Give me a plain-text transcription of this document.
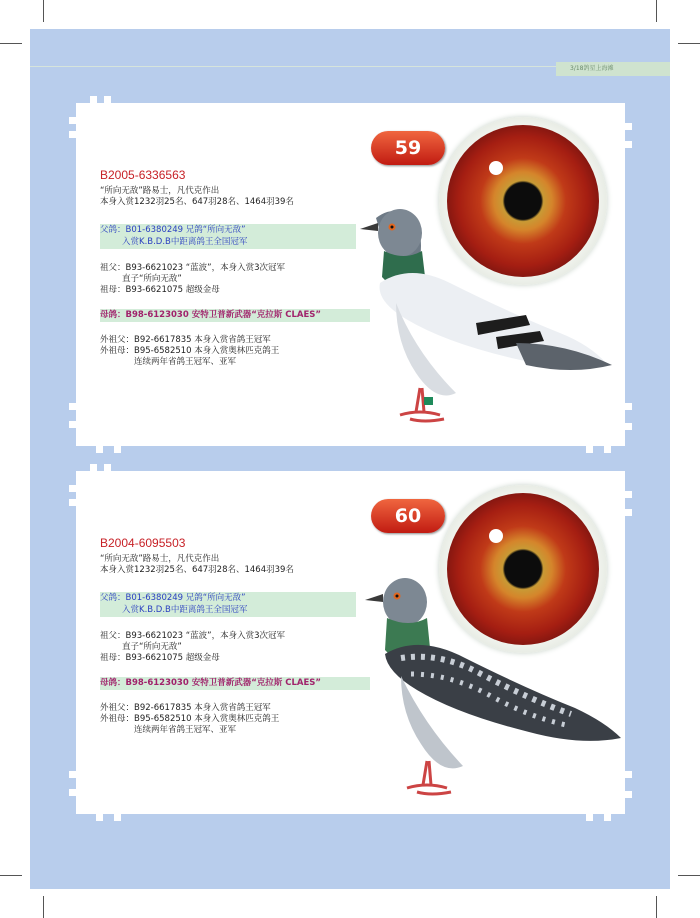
3/18鸽星上海滩
59
B2005-6336563
“所向无敌”路易士，凡代克作出
本身入赏1232羽25名、647羽28名、1464羽39名
父鸽：B01-6380249 兄鸽“所向无敌”
入赏K.B.D.B中距离鸽王全国冠军
祖父：B93-6621023 “蓝波”，本身入赏3次冠军
直子“所向无敌”
祖母：B93-6621075 超级金母
母鸽：B98-6123030 安特卫普新武器“克拉斯 CLAES”
外祖父：B92-6617835 本身入赏省鸽王冠军
外祖母：B95-6582510 本身入赏奥林匹克鸽王
连续两年省鸽王冠军、亚军
60
B2004-6095503
“所向无敌”路易士，凡代克作出
本身入赏1232羽25名、647羽28名、1464羽39名
父鸽：B01-6380249 兄鸽“所向无敌”
入赏K.B.D.B中距离鸽王全国冠军
祖父：B93-6621023 “蓝波”，本身入赏3次冠军
直子“所向无敌”
祖母：B93-6621075 超级金母
母鸽：B98-6123030 安特卫普新武器“克拉斯 CLAES”
外祖父：B92-6617835 本身入赏省鸽王冠军
外祖母：B95-6582510 本身入赏奥林匹克鸽王
连续两年省鸽王冠军、亚军
